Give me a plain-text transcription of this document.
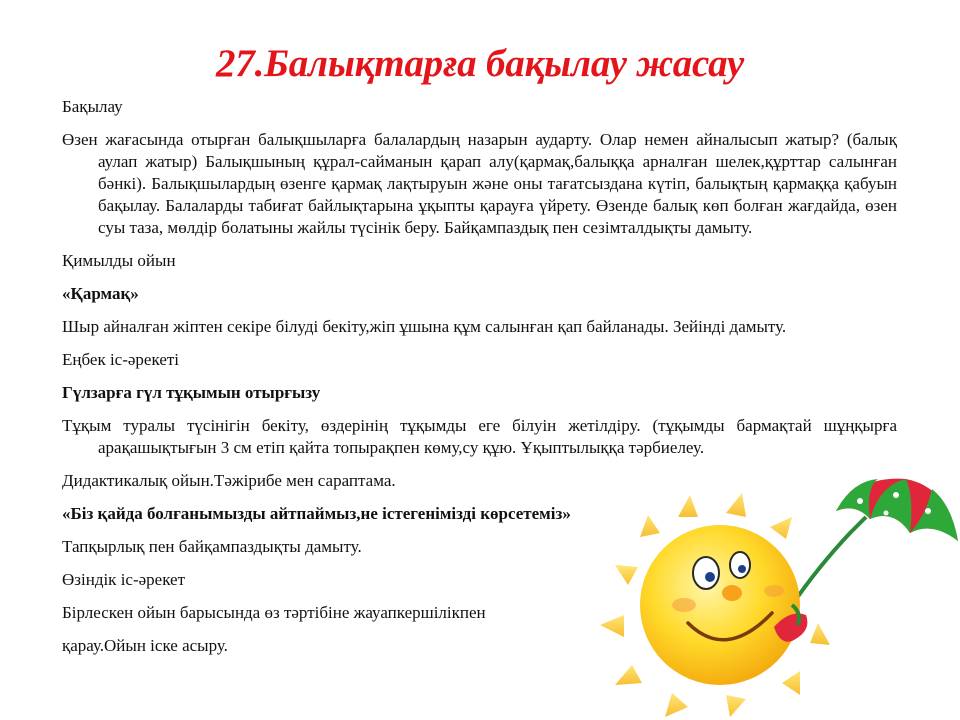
27.Балықтарға бақылау жасау

Бақылау

Өзен жағасында отырған балықшыларға балалардың назарын аударту. Олар немен айналысып жатыр? (балық аулап жатыр) Балықшының құрал-сайманын қарап алу(қармақ,балыққа арналған шелек,құрттар салынған бәнкі). Балықшылардың өзенге қармақ лақтыруын және оны тағатсыздана күтіп, балықтың қармаққа қабуын бақылау. Балаларды табиғат байлықтарына ұқыпты қарауға үйрету. Өзенде балық көп болған жағдайда, өзен суы таза, мөлдір болатыны жайлы түсінік беру. Байқампаздық пен сезімталдықты дамыту.

Қимылды ойын

«Қармақ»

Шыр айналған жіптен секіре білуді бекіту,жіп ұшына құм салынған қап байланады. Зейінді дамыту.

Еңбек іс-әрекеті

Гүлзарға гүл тұқымын отырғызу

Тұқым туралы түсінігін бекіту, өздерінің тұқымды еге білуін жетілдіру. (тұқымды бармақтай шұңқырға арақашықтығын 3 см етіп қайта топырақпен көму,су құю. Ұқыптылыққа тәрбиелеу.

Дидактикалық ойын.Тәжірибе мен сараптама.

«Біз қайда болғанымызды айтпаймыз,не істегенімізді көрсетеміз»

Тапқырлық пен байқампаздықты дамыту.

Өзіндік іс-әрекет

Бірлескен ойын барысында өз тәртібіне жауапкершілікпен

қарау.Ойын іске асыру.
